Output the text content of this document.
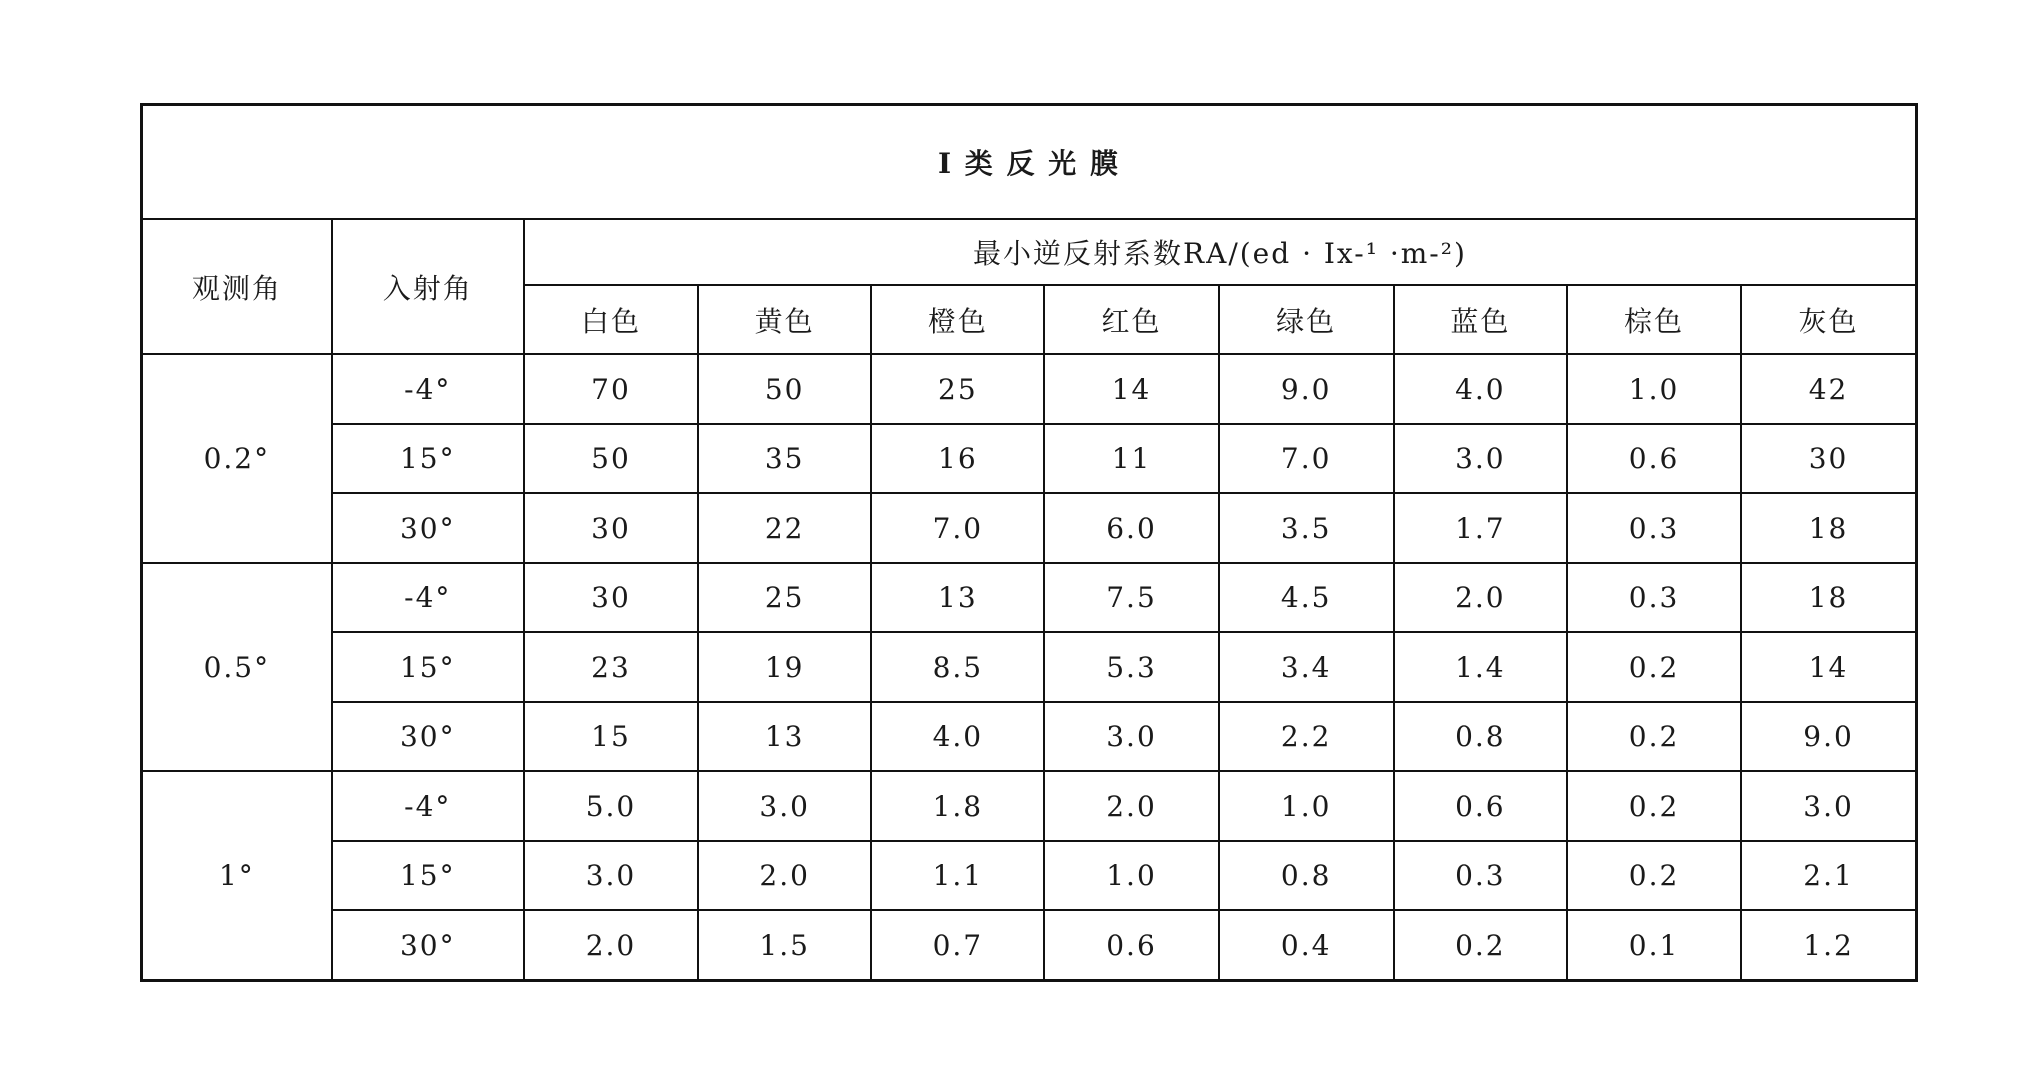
I 类 反 光 膜									
观测角	入射角	最小逆反射系数RA/(ed · Ix-¹ ·m-²)							
		白色	黄色	橙色	红色	绿色	蓝色	棕色	灰色
0.2°	-4°	70	50	25	14	9.0	4.0	1.0	42
	15°	50	35	16	11	7.0	3.0	0.6	30
	30°	30	22	7.0	6.0	3.5	1.7	0.3	18
0.5°	-4°	30	25	13	7.5	4.5	2.0	0.3	18
	15°	23	19	8.5	5.3	3.4	1.4	0.2	14
	30°	15	13	4.0	3.0	2.2	0.8	0.2	9.0
1°	-4°	5.0	3.0	1.8	2.0	1.0	0.6	0.2	3.0
	15°	3.0	2.0	1.1	1.0	0.8	0.3	0.2	2.1
	30°	2.0	1.5	0.7	0.6	0.4	0.2	0.1	1.2
